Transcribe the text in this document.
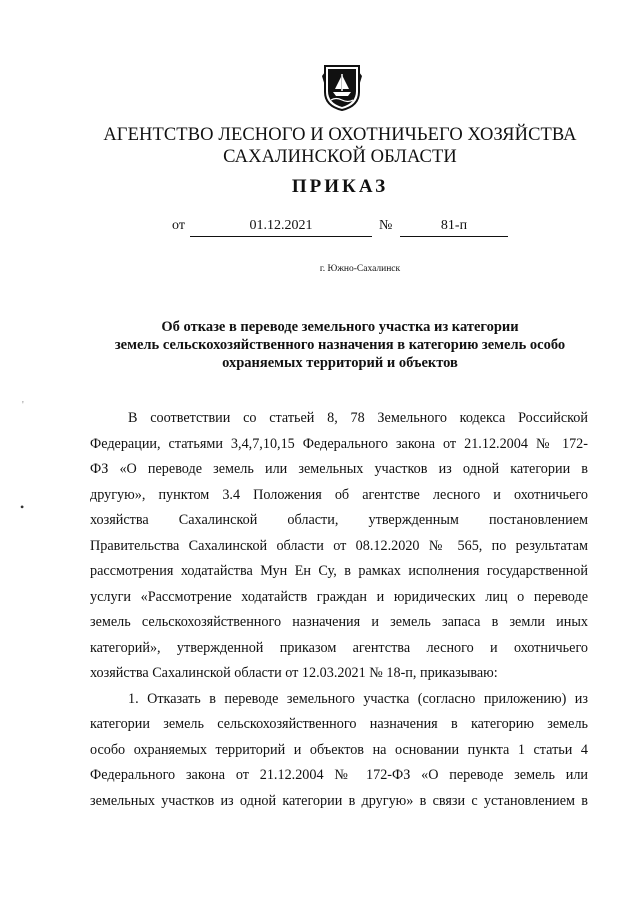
АГЕНТСТВО ЛЕСНОГО И ОХОТНИЧЬЕГО ХОЗЯЙСТВА
САХАЛИНСКОЙ ОБЛАСТИ
ПРИКАЗ
от	01.12.2021	№	81-п
г. Южно-Сахалинск
Об отказе в переводе земельного участка из категории
земель сельскохозяйственного назначения в категорию земель особо
охраняемых территорий и объектов
'
•
В соответствии со статьей 8, 78 Земельного кодекса Российской
Федерации, статьями 3,4,7,10,15 Федерального закона от 21.12.2004 № 172-
ФЗ «О переводе земель или земельных участков из одной категории в
другую», пунктом 3.4 Положения об агентстве лесного и охотничьего
хозяйства Сахалинской области, утвержденным постановлением
Правительства Сахалинской области от 08.12.2020 № 565, по результатам
рассмотрения ходатайства Мун Ен Су, в рамках исполнения государственной
услуги «Рассмотрение ходатайств граждан и юридических лиц о переводе
земель сельскохозяйственного назначения и земель запаса в земли иных
категорий», утвержденной приказом агентства лесного и охотничьего
хозяйства Сахалинской области от 12.03.2021 № 18-п, приказываю:
1. Отказать в переводе земельного участка (согласно приложению) из
категории земель сельскохозяйственного назначения в категорию земель
особо охраняемых территорий и объектов на основании пункта 1 статьи 4
Федерального закона от 21.12.2004 № 172-ФЗ «О переводе земель или
земельных участков из одной категории в другую» в связи с установлением в
